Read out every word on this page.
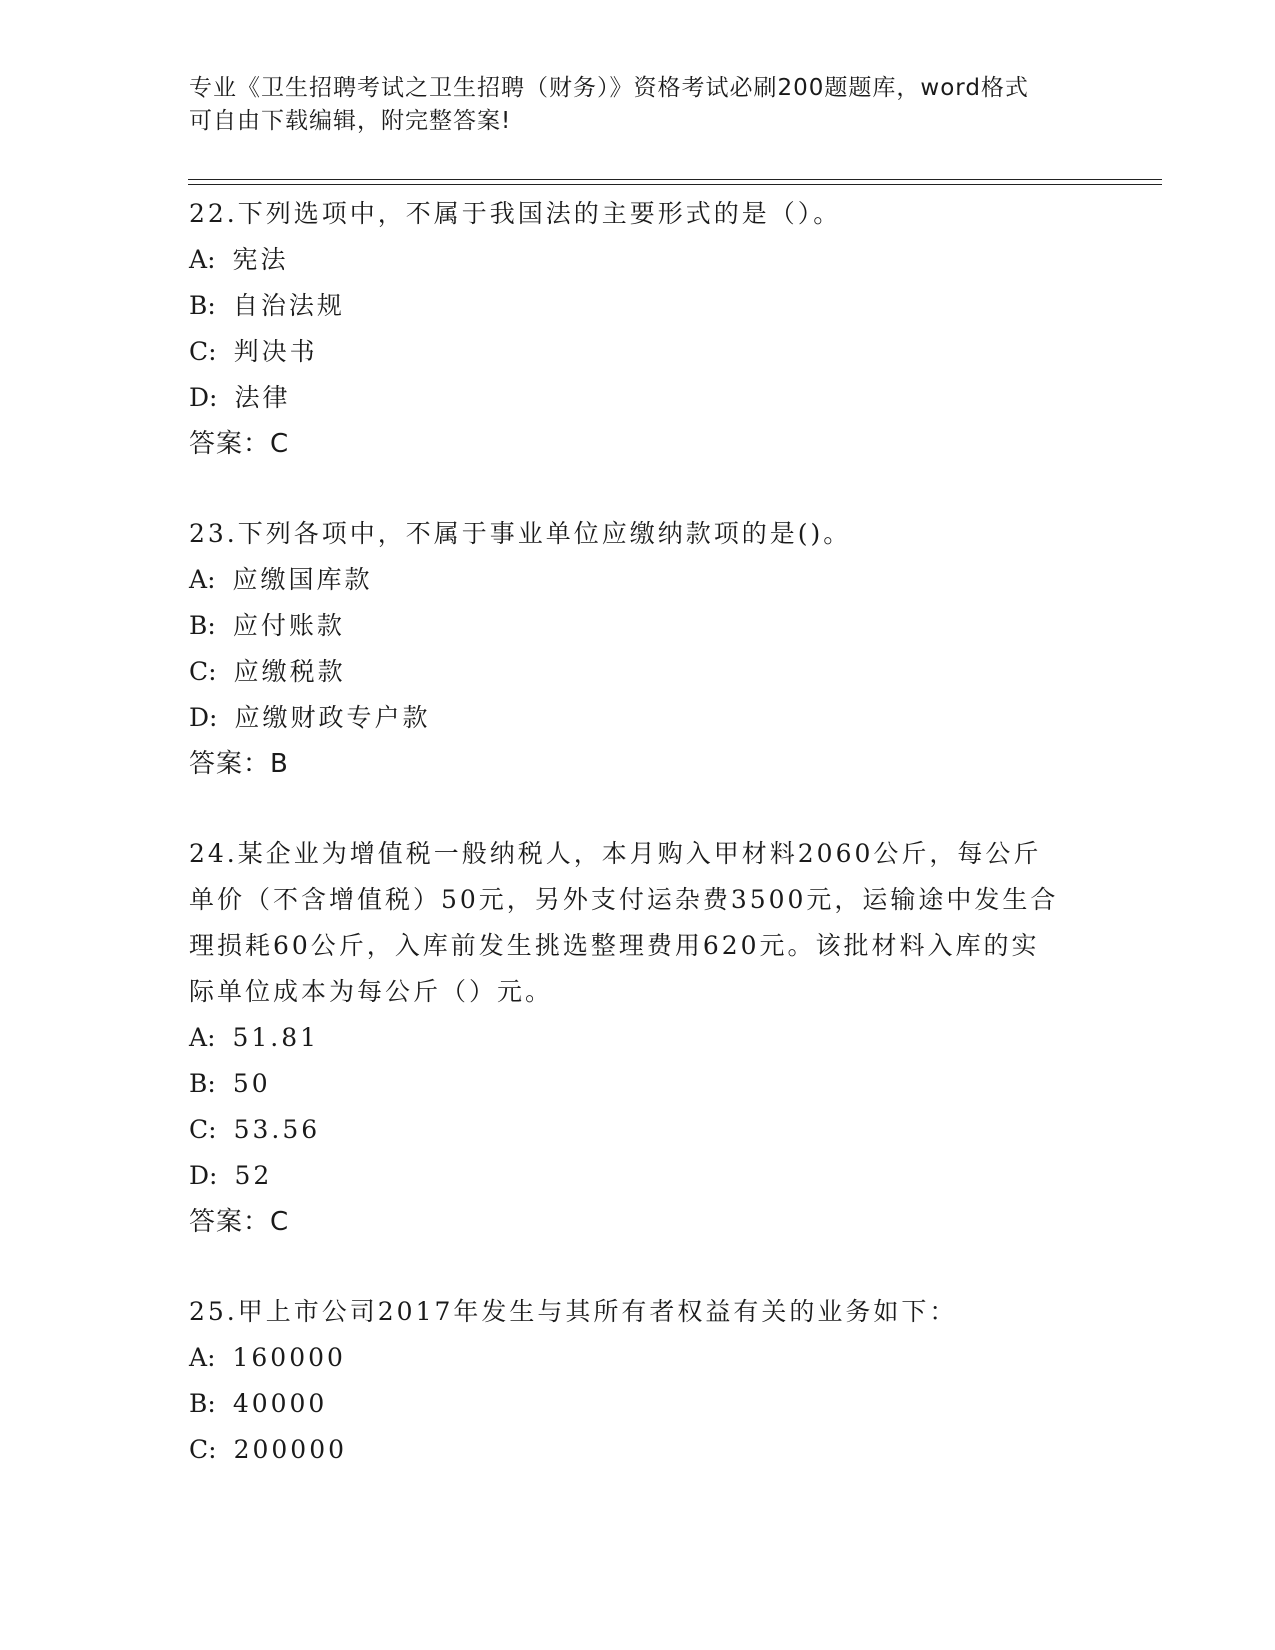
专业《卫生招聘考试之卫生招聘（财务）》资格考试必刷200题题库，word格式

可自由下载编辑，附完整答案!

22.下列选项中，不属于我国法的主要形式的是（）。

A: 宪法

B: 自治法规

C: 判决书

D: 法律

答案：C

23.下列各项中，不属于事业单位应缴纳款项的是()。

A: 应缴国库款

B: 应付账款

C: 应缴税款

D: 应缴财政专户款

答案：B

24.某企业为增值税一般纳税人，本月购入甲材料2060公斤，每公斤

单价（不含增值税）50元，另外支付运杂费3500元，运输途中发生合

理损耗60公斤，入库前发生挑选整理费用620元。该批材料入库的实

际单位成本为每公斤（）元。

A: 51.81

B: 50

C: 53.56

D: 52

答案：C

25.甲上市公司2017年发生与其所有者权益有关的业务如下：

A: 160000

B: 40000

C: 200000
